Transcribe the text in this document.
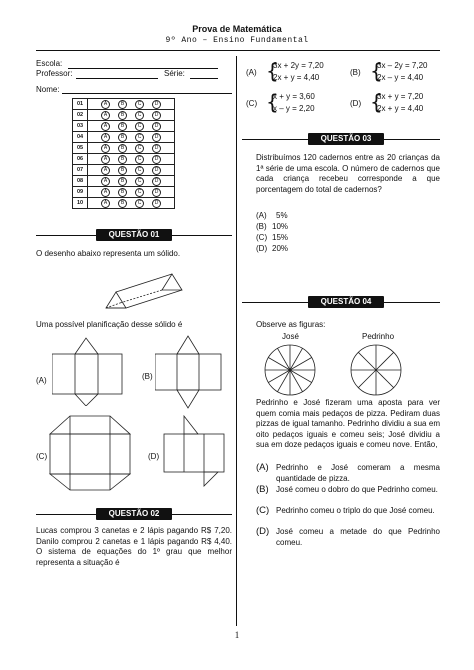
Prova de Matemática
9º Ano – Ensino Fundamental
Escola:
Professor:	Série:
Nome:
01	A B C D
02	A B C D
03	A B C D
04	A B C D
05	A B C D
06	A B C D
07	A B C D
08	A B C D
09	A B C D
10	A B C D
QUESTÃO 01
O desenho abaixo representa um sólido.
Uma possível planificação desse sólido é
(A)	(B)
(C)	(D)
QUESTÃO 02
Lucas comprou 3 canetas e 2 lápis pagando R$ 7,20. Danilo comprou 2 canetas e 1 lápis pagando R$ 4,40. O sistema de equações do 1º grau que melhor representa a situação é
(A) {
3x + 2y = 7,20
2x + y = 4,40
(B) {
3x – 2y = 7,20
2x – y = 4,40
(C) {
x + y = 3,60
x – y = 2,20
(D) {
3x + y = 7,20
2x + y = 4,40
QUESTÃO 03
Distribuímos 120 cadernos entre as 20 crianças da 1ª série de uma escola. O número de cadernos que cada criança recebeu corresponde a que porcentagem do total de cadernos?
(A) 5%
(B) 10%
(C) 15%
(D) 20%
QUESTÃO 04
Observe as figuras:
José	Pedrinho
Pedrinho e José fizeram uma aposta para ver quem comia mais pedaços de pizza. Pediram duas pizzas de igual tamanho. Pedrinho dividiu a sua em oito pedaços iguais e comeu seis; José dividiu a sua em doze pedaços iguais e comeu nove. Então,
(A) Pedrinho e José comeram a mesma quantidade de pizza.
(B) José comeu o dobro do que Pedrinho comeu.
(C) Pedrinho comeu o triplo do que José comeu.
(D) José comeu a metade do que Pedrinho comeu.
1
